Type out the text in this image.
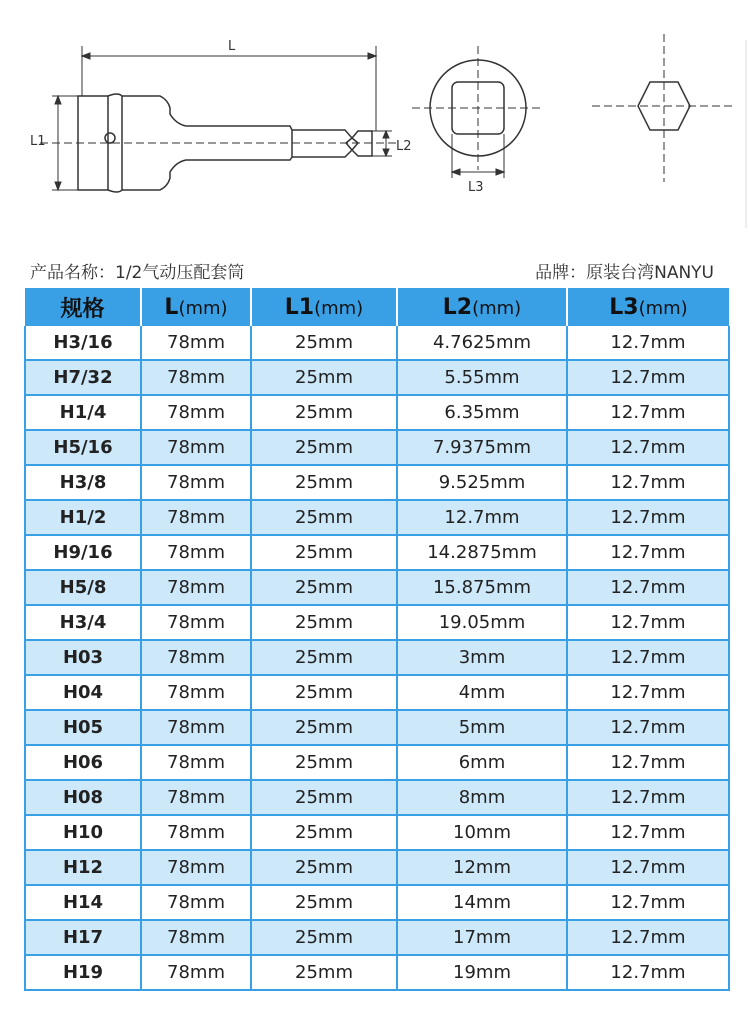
L
L1	L2
L3
产品名称：1/2气动压配套筒	品牌：原装台湾NANYU
规格	L(mm)	L1(mm)	L2(mm)	L3(mm)
H3/16	78mm	25mm	4.7625mm	12.7mm
H7/32	78mm	25mm	5.55mm	12.7mm
H1/4	78mm	25mm	6.35mm	12.7mm
H5/16	78mm	25mm	7.9375mm	12.7mm
H3/8	78mm	25mm	9.525mm	12.7mm
H1/2	78mm	25mm	12.7mm	12.7mm
H9/16	78mm	25mm	14.2875mm	12.7mm
H5/8	78mm	25mm	15.875mm	12.7mm
H3/4	78mm	25mm	19.05mm	12.7mm
H03	78mm	25mm	3mm	12.7mm
H04	78mm	25mm	4mm	12.7mm
H05	78mm	25mm	5mm	12.7mm
H06	78mm	25mm	6mm	12.7mm
H08	78mm	25mm	8mm	12.7mm
H10	78mm	25mm	10mm	12.7mm
H12	78mm	25mm	12mm	12.7mm
H14	78mm	25mm	14mm	12.7mm
H17	78mm	25mm	17mm	12.7mm
H19	78mm	25mm	19mm	12.7mm
